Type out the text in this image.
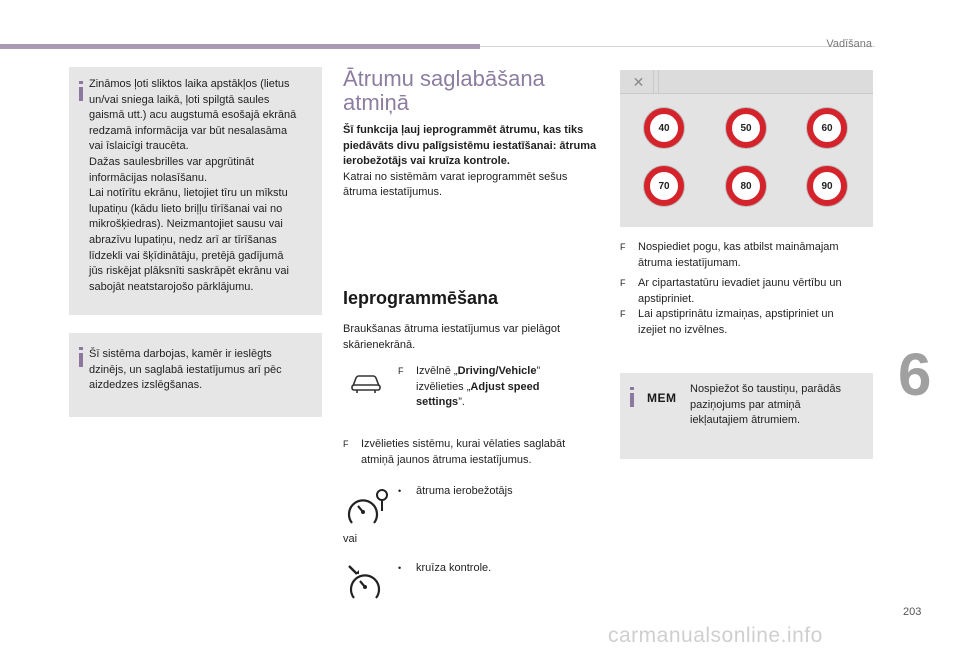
Vadīšana
Zināmos ļoti sliktos laika apstākļos (lietus
un/vai sniega laikā, ļoti spilgtā saules
gaismā utt.) acu augstumā esošajā ekrānā
redzamā informācija var būt nesalasāma
vai īslaicīgi traucēta.
Dažas saulesbrilles var apgrūtināt
informācijas nolasīšanu.
Lai notīrītu ekrānu, lietojiet tīru un mīkstu
lupatiņu (kādu lieto briļļu tīrīšanai vai no
mikrošķiedras). Neizmantojiet sausu vai
abrazīvu lupatiņu, nedz arī ar tīrīšanas
līdzekli vai šķīdinātāju, pretējā gadījumā
jūs riskējat plāksnīti saskrāpēt ekrānu vai
sabojāt neatstarojošo pārklājumu.
Šī sistēma darbojas, kamēr ir ieslēgts
dzinējs, un saglabā iestatījumus arī pēc
aizdedzes izslēgšanas.
Ātrumu saglabāšana
atmiņā
Šī funkcija ļauj ieprogrammēt ātrumu, kas tiks piedāvāts divu palīgsistēmu iestatīšanai: ātruma ierobežotājs vai kruīza kontrole.
Katrai no sistēmām varat ieprogrammēt sešus ātruma iestatījumus.
Ieprogrammēšana
Braukšanas ātruma iestatījumus var pielāgot
skārienekrānā.
F Izvēlnē „Driving/Vehicle”
izvēlieties „Adjust speed
settings”.
F Izvēlieties sistēmu, kurai vēlaties saglabāt
atmiņā jaunos ātruma iestatījumus.
• ātruma ierobežotājs
vai
• kruīza kontrole.
✕
40	50	60
70	80	90
F Nospiediet pogu, kas atbilst maināmajam
ātruma iestatījumam.
F Ar cipartastatūru ievadiet jaunu vērtību un
apstipriniet.
F Lai apstiprinātu izmaiņas, apstipriniet un
izejiet no izvēlnes.
Nospiežot šo taustiņu, parādās
paziņojums par atmiņā
iekļautajiem ātrumiem.
MEM	6
203
carmanualsonline.info
